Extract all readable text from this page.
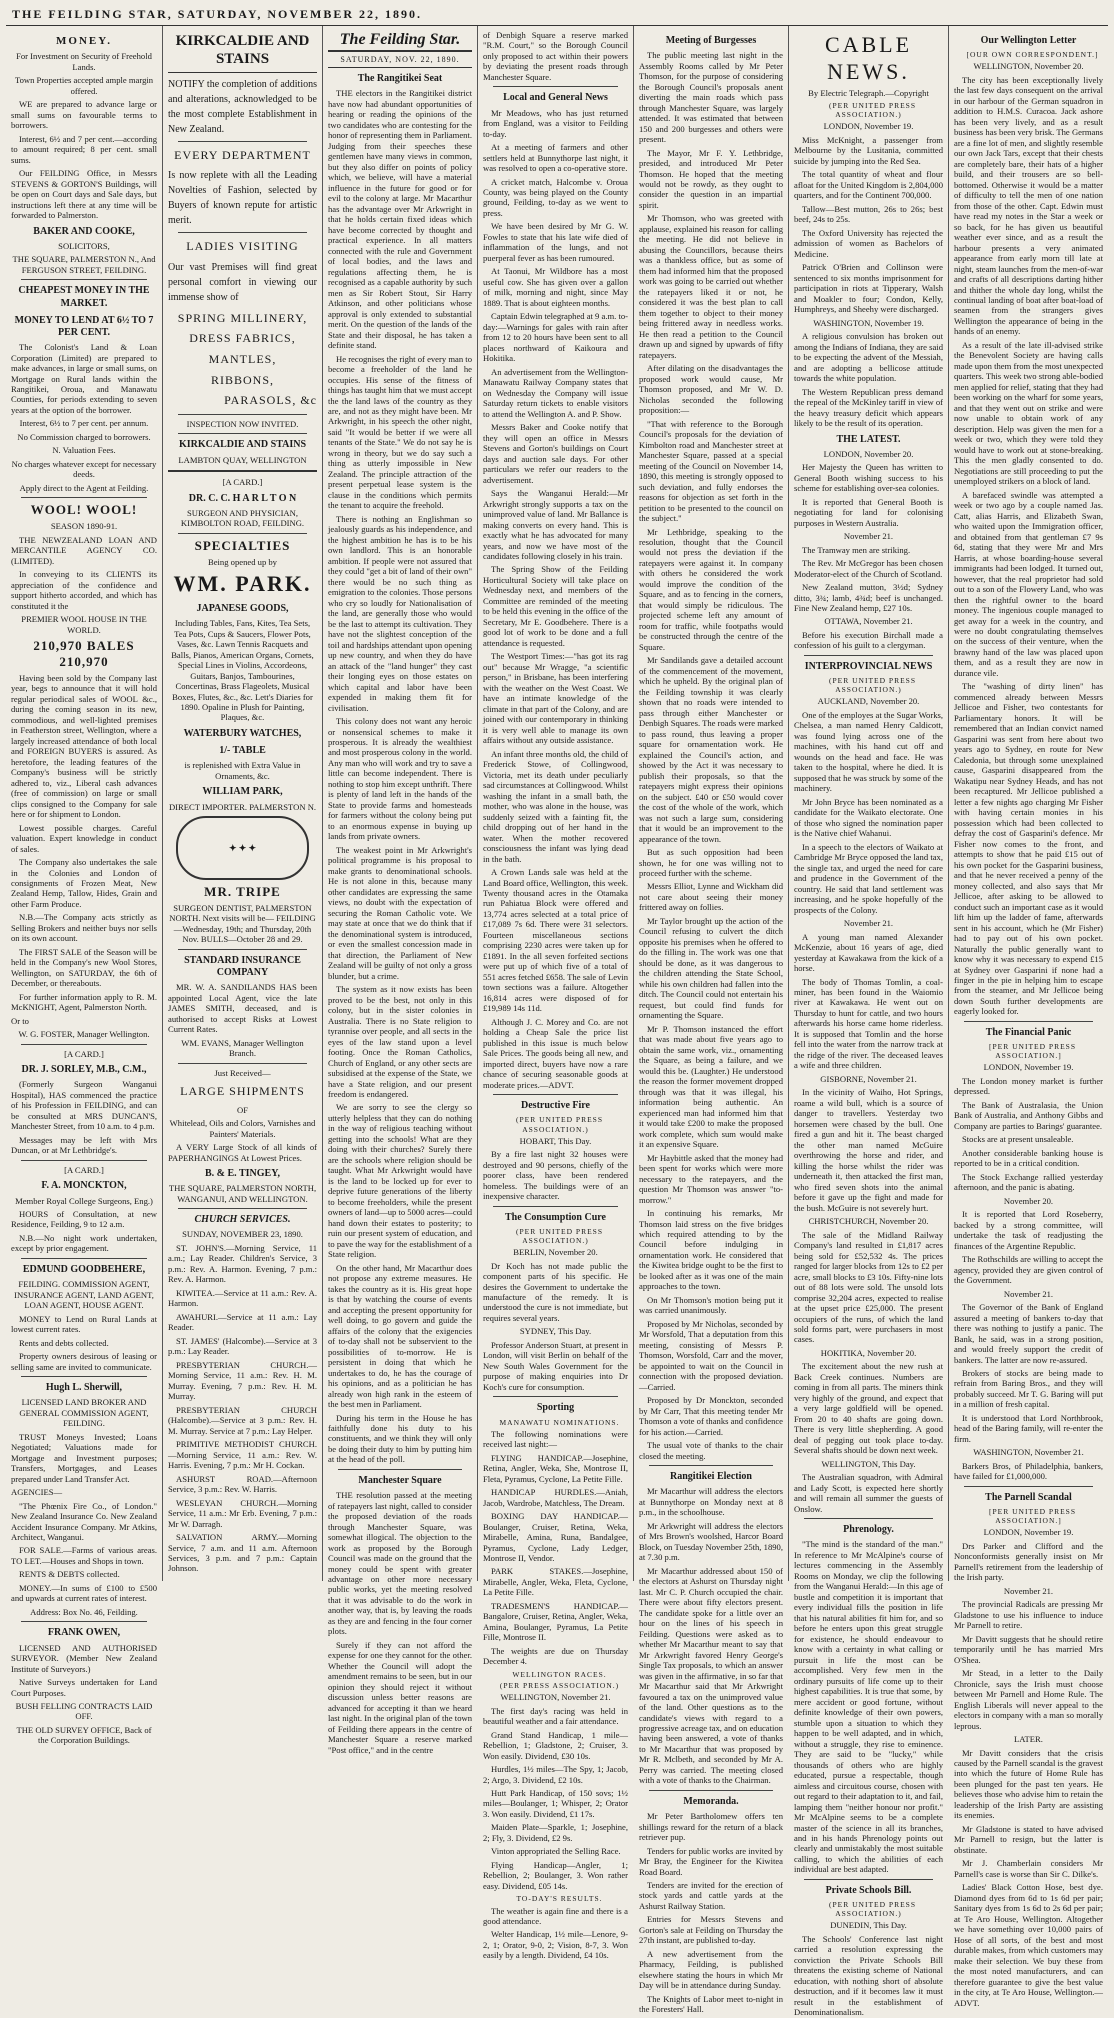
THE FEILDING STAR, SATURDAY, NOVEMBER 22, 1890.
MONEY.

For Investment on Security of Freehold Lands.

Town Properties accepted ample margin offered.

WE are prepared to advance large or small sums on favourable terms to borrowers.

Interest, 6½ and 7 per cent.—according to amount required; 8 per cent. small sums.

Our FEILDING Office, in Messrs STEVENS & GORTON'S Buildings, will be open on Court days and Sale days, but instructions left there at any time will be forwarded to Palmerston.

BAKER AND COOKE,

SOLICITORS,

THE SQUARE, PALMERSTON N., And FERGUSON STREET, FEILDING.

CHEAPEST MONEY IN THE MARKET.
MONEY TO LEND AT 6½ TO 7 PER CENT.

The Colonist's Land & Loan Corporation (Limited) are prepared to make advances, in large or small sums, on Mortgage on Rural lands within the Rangitikei, Oroua, and Manawatu Counties, for periods extending to seven years at the option of the borrower.

Interest, 6½ to 7 per cent. per annum.

No Commission charged to borrowers.

N. Valuation Fees.

No charges whatever except for necessary deeds.

Apply direct to the Agent at Feilding.

WOOL! WOOL!

SEASON 1890-91.

THE NEWZEALAND LOAN AND MERCANTILE AGENCY CO. (LIMITED).

In conveying to its CLIENTS its appreciation of the confidence and support hitherto accorded, and which has constituted it the

PREMIER WOOL HOUSE IN THE WORLD.

210,970 BALES 210,970

Having been sold by the Company last year, begs to announce that it will hold regular periodical sales of WOOL &c., during the coming season in its new, commodious, and well-lighted premises in Featherston street, Wellington, where a largely increased attendance of both local and FOREIGN BUYERS is assured. As heretofore, the leading features of the Company's business will be strictly adhered to, viz., Liberal cash advances (free of commission) on large or small clips consigned to the Company for sale here or for shipment to London.

Lowest possible charges. Careful valuation. Expert knowledge in conduct of sales.

The Company also undertakes the sale in the Colonies and London of consignments of Frozen Meat, New Zealand Hemp, Tallow, Hides, Grain and other Farm Produce.

N.B.—The Company acts strictly as Selling Brokers and neither buys nor sells on its own account.

The FIRST SALE of the Season will be held in the Company's new Wool Stores, Wellington, on SATURDAY, the 6th of December, or thereabouts.

For further information apply to R. M. McKNIGHT, Agent, Palmerston North.

Or to

W. G. FOSTER, Manager Wellington.

[A CARD.]

DR. J. SORLEY, M.B., C.M.,

(Formerly Surgeon Wanganui Hospital), HAS commenced the practice of his Profession in FEILDING, and can be consulted at MRS DUNCAN'S, Manchester Street, from 10 a.m. to 4 p.m.

Messages may be left with Mrs Duncan, or at Mr Lethbridge's.

[A CARD.]

F. A. MONCKTON,

Member Royal College Surgeons, Eng.)

HOURS of Consultation, at new Residence, Feilding, 9 to 12 a.m.

N.B.—No night work undertaken, except by prior engagement.

EDMUND GOODBEHERE,

FEILDING. COMMISSION AGENT, INSURANCE AGENT, LAND AGENT, LOAN AGENT, HOUSE AGENT.

MONEY to Lend on Rural Lands at lowest current rates.

Rents and debts collected.

Property owners desirous of leasing or selling same are invited to communicate.

Hugh L. Sherwill,

LICENSED LAND BROKER AND GENERAL COMMISSION AGENT, FEILDING.

TRUST Moneys Invested; Loans Negotiated; Valuations made for Mortgage and Investment purposes; Transfers, Mortgages, and Leases prepared under Land Transfer Act.

AGENCIES—

"The Phœnix Fire Co., of London." New Zealand Insurance Co. New Zealand Accident Insurance Company. Mr Atkins, Architect, Wanganui.

FOR SALE.—Farms of various areas. TO LET.—Houses and Shops in town.

RENTS & DEBTS collected.

MONEY.—In sums of £100 to £500 and upwards at current rates of interest.

Address: Box No. 46, Feilding.

FRANK OWEN,

LICENSED AND AUTHORISED SURVEYOR. (Member New Zealand Institute of Surveyors.)

Native Surveys undertaken for Land Court Purposes.

BUSH FELLING CONTRACTS LAID OFF.

THE OLD SURVEY OFFICE, Back of the Corporation Buildings.

KIRKCALDIE AND STAINS

NOTIFY the completion of additions and alterations, acknowledged to be the most complete Establishment in New Zealand.

EVERY DEPARTMENT

Is now replete with all the Leading Novelties of Fashion, selected by Buyers of known repute for artistic merit.

LADIES VISITING

Our vast Premises will find great personal comfort in viewing our immense show of

SPRING MILLINERY,
DRESS FABRICS,
MANTLES,
RIBBONS,
PARASOLS, &c

INSPECTION NOW INVITED.

KIRKCALDIE AND STAINS

LAMBTON QUAY, WELLINGTON

[A CARD.]

DR. C. C. H A R L T O N

SURGEON AND PHYSICIAN, KIMBOLTON ROAD, FEILDING.

SPECIALTIES

Being opened up by

WM. PARK.
JAPANESE GOODS,

Including Tables, Fans, Kites, Tea Sets, Tea Pots, Cups & Saucers, Flower Pots, Vases, &c. Lawn Tennis Racquets and Balls, Pianos, American Organs, Cornets, Special Lines in Violins, Accordeons, Guitars, Banjos, Tambourines, Concertinas, Brass Flageolets, Musical Boxes, Flutes, &c., &c. Lett's Diaries for 1890. Opaline in Plush for Painting, Plaques, &c.

WATERBURY WATCHES,
1/- TABLE

is replenished with Extra Value in Ornaments, &c.

WILLIAM PARK,

DIRECT IMPORTER. PALMERSTON N.

✦ ✦ ✦
MR. TRIPE

SURGEON DENTIST, PALMERSTON NORTH. Next visits will be— FEILDING—Wednesday, 19th; and Thursday, 20th Nov. BULLS—October 28 and 29.

STANDARD INSURANCE COMPANY

MR. W. A. SANDILANDS HAS been appointed Local Agent, vice the late JAMES SMITH, deceased, and is authorised to accept Risks at Lowest Current Rates.

WM. EVANS, Manager Wellington Branch.

Just Received—

LARGE SHIPMENTS

OF

Whitelead, Oils and Colors, Varnishes and Painters' Materials.

A VERY Large Stock of all kinds of PAPERHANGINGS At Lowest Prices.

B. & E. TINGEY,

THE SQUARE, PALMERSTON NORTH, WANGANUI, AND WELLINGTON.

CHURCH SERVICES.

SUNDAY, NOVEMBER 23, 1890.

ST. JOHN'S.—Morning Service, 11 a.m.; Lay Reader. Children's Service, 3 p.m.: Rev. A. Harmon. Evening, 7 p.m.: Rev. A. Harmon.

KIWITEA.—Service at 11 a.m.: Rev. A. Harmon.

AWAHURI.—Service at 11 a.m.: Lay Reader.

ST. JAMES' (Halcombe).—Service at 3 p.m.: Lay Reader.

PRESBYTERIAN CHURCH.—Morning Service, 11 a.m.: Rev. H. M. Murray. Evening, 7 p.m.: Rev. H. M. Murray.

PRESBYTERIAN CHURCH (Halcombe).—Service at 3 p.m.: Rev. H. M. Murray. Service at 7 p.m.: Lay Helper.

PRIMITIVE METHODIST CHURCH.—Morning Service, 11 a.m.: Rev. W. Harris. Evening, 7 p.m.: Mr H. Cockan.

ASHURST ROAD.—Afternoon Service, 3 p.m.: Rev. W. Harris.

WESLEYAN CHURCH.—Morning Service, 11 a.m.: Mr Erb. Evening, 7 p.m.: Mr W. Darragh.

SALVATION ARMY.—Morning Service, 7 a.m. and 11 a.m. Afternoon Services, 3 p.m. and 7 p.m.: Captain Johnson.

The Feilding Star.
SATURDAY, NOV. 22, 1890.
The Rangitikei Seat

THE electors in the Rangitikei district have now had abundant opportunities of hearing or reading the opinions of the two candidates who are contesting for the honor of representing them in Parliament. Judging from their speeches these gentlemen have many views in common, but they also differ on points of policy which, we believe, will have a material influence in the future for good or for evil to the colony at large. Mr Macarthur has the advantage over Mr Arkwright in that he holds certain fixed ideas which have become corrected by thought and practical experience. In all matters connected with the rule and Government of local bodies, and the laws and regulations affecting them, he is recognised as a capable authority by such men as Sir Robert Stout, Sir Harry Atkinson, and other politicians whose approval is only extended to substantial merit. On the question of the lands of the State and their disposal, he has taken a definite stand.

He recognises the right of every man to become a freeholder of the land he occupies. His sense of the fitness of things has taught him that we must accept the the land laws of the country as they are, and not as they might have been. Mr Arkwright, in his speech the other night, said "It would be better if we were all tenants of the State." We do not say he is wrong in theory, but we do say such a thing as utterly impossible in New Zealand. The principle attraction of the present perpetual lease system is the clause in the conditions which permits the tenant to acquire the freehold.

There is nothing an Englishman so jealously guards as his independence, and the highest ambition he has is to be his own landlord. This is an honorable ambition. If people were not assured that they could "get a bit of land of their own" there would be no such thing as emigration to the colonies. Those persons who cry so loudly for Nationalisation of the land, are generally those who would be the last to attempt its cultivation. They have not the slightest conception of the toil and hardships attendant upon opening up new country, and when they do have an attack of the "land hunger" they cast their longing eyes on those estates on which capital and labor have been expended in making them fit for civilisation.

This colony does not want any heroic or nonsensical schemes to make it prosperous. It is already the wealthiest and most prosperous colony in the world. Any man who will work and try to save a little can become independent. There is nothing to stop him except unthrift. There is plenty of land left in the hands of the State to provide farms and homesteads for farmers without the colony being put to an enormous expense in buying up lands from private owners.

The weakest point in Mr Arkwright's political programme is his proposal to make grants to denominational schools. He is not alone in this, because many other candidates are expressing the same views, no doubt with the expectation of securing the Roman Catholic vote. We may state at once that we do think that if the denominational system is introduced, or even the smallest concession made in that direction, the Parliament of New Zealand will be guilty of not only a gross blunder, but a crime.

The system as it now exists has been proved to be the best, not only in this colony, but in the sister colonies in Australia. There is no State religion to tyrannise over people, and all sects in the eyes of the law stand upon a level footing. Once the Roman Catholics, Church of England, or any other sects are subsidised at the expense of the State, we have a State religion, and our present freedom is endangered.

We are sorry to see the clergy so utterly helpless that they can do nothing in the way of religious teaching without getting into the schools! What are they doing with their churches? Surely there are the schools where religion should be taught. What Mr Arkwright would have is the land to be locked up for ever to deprive future generations of the liberty to become freeholders, while the present owners of land—up to 5000 acres—could hand down their estates to posterity; to ruin our present system of education, and to pave the way for the establishment of a State religion.

On the other hand, Mr Macarthur does not propose any extreme measures. He takes the country as it is. His great hope is that by watching the course of events and accepting the present opportunity for well doing, to go govern and guide the affairs of the colony that the exigencies of to-day shall not be subservient to the possibilities of to-morrow. He is persistent in doing that which he undertakes to do, he has the courage of his opinions, and as a politician he has already won high rank in the esteem of the best men in Parliament.

During his term in the House he has faithfully done his duty to his constituents, and we think they will only be doing their duty to him by putting him at the head of the poll.

Manchester Square

THE resolution passed at the meeting of ratepayers last night, called to consider the proposed deviation of the roads through Manchester Square, was somewhat illogical. The objection to the work as proposed by the Borough Council was made on the ground that the money could be spent with greater advantage on other more necessary public works, yet the meeting resolved that it was advisable to do the work in another way, that is, by leaving the roads as they are and fencing in the four corner plots.

Surely if they can not afford the expense for one they cannot for the other. Whether the Council will adopt the amendment remains to be seen, but in our opinion they should reject it without discussion unless better reasons are advanced for accepting it than we heard last night. In the original plan of the town of Feilding there appears in the centre of Manchester Square a reserve marked "Post office," and in the centre

of Denbigh Square a reserve marked "R.M. Court," so the Borough Council only proposed to act within their powers by deviating the present roads through Manchester Square.

Local and General News

Mr Meadows, who has just returned from England, was a visitor to Feilding to-day.

At a meeting of farmers and other settlers held at Bunnythorpe last night, it was resolved to open a co-operative store.

A cricket match, Halcombe v. Oroua County, was being played on the County ground, Feilding, to-day as we went to press.

We have been desired by Mr G. W. Fowles to state that his late wife died of inflammation of the lungs, and not puerperal fever as has been rumoured.

At Taonui, Mr Wildbore has a most useful cow. She has given over a gallon of milk, morning and night, since May 1889. That is about eighteen months.

Captain Edwin telegraphed at 9 a.m. to-day:—Warnings for gales with rain after from 12 to 20 hours have been sent to all places northward of Kaikoura and Hokitika.

An advertisement from the Wellington-Manawatu Railway Company states that on Wednesday the Company will issue Saturday return tickets to enable visitors to attend the Wellington A. and P. Show.

Messrs Baker and Cooke notify that they will open an office in Messrs Stevens and Gorton's buildings on Court days and auction sale days. For other particulars we refer our readers to the advertisement.

Says the Wanganui Herald:—Mr Arkwright strongly supports a tax on the unimproved value of land. Mr Ballance is making converts on every hand. This is exactly what he has advocated for many years, and now we have most of the candidates following closely in his train.

The Spring Show of the Feilding Horticultural Society will take place on Wednesday next, and members of the Committee are reminded of the meeting to be held this evening in the office of the Secretary, Mr E. Goodbehere. There is a good lot of work to be done and a full attendance is requested.

The Westport Times:—"has got its rag out" because Mr Wragge, "a scientific person," in Brisbane, has been interfering with the weather on the West Coast. We have an intimate knowledge of the climate in that part of the Colony, and are joined with our contemporary in thinking it is very well able to manage its own affairs without any outside assistance.

An infant three months old, the child of Frederick Stowe, of Collingwood, Victoria, met its death under peculiarly sad circumstances at Collingwood. Whilst washing the infant in a small bath, the mother, who was alone in the house, was suddenly seized with a fainting fit, the child dropping out of her hand in the water. When the mother recovered consciousness the infant was lying dead in the bath.

A Crown Lands sale was held at the Land Board office, Wellington, this week. Twenty thousand acres in the Otamaka run Pahiatua Block were offered and 13,774 acres selected at a total price of £17,089 7s 6d. There were 31 selectors. Fourteen miscellaneous sections comprising 2230 acres were taken up for £1891. In the all seven forfeited sections were put up of which five of a total of 551 acres fetched £658. The sale of Levin town sections was a failure. Altogether 16,814 acres were disposed of for £19,989 14s 11d.

Although J. C. Morey and Co. are not holding a Cheap Sale the price list published in this issue is much below Sale Prices. The goods being all new, and imported direct, buyers have now a rare chance of securing seasonable goods at moderate prices.—ADVT.

Destructive Fire

(PER UNITED PRESS ASSOCIATION.)

HOBART, This Day.

By a fire last night 32 houses were destroyed and 90 persons, chiefly of the poorer class, have been rendered homeless. The buildings were of an inexpensive character.

The Consumption Cure

(PER UNITED PRESS ASSOCIATION.)

BERLIN, November 20.

Dr Koch has not made public the component parts of his specific. He desires the Government to undertake the manufacture of the remedy. It is understood the cure is not immediate, but requires several years.

SYDNEY, This Day.

Professor Anderson Stuart, at present in London, will visit Berlin on behalf of the New South Wales Government for the purpose of making enquiries into Dr Koch's cure for consumption.

Sporting

MANAWATU NOMINATIONS.

The following nominations were received last night:—

FLYING HANDICAP.—Josephine, Retina, Angler, Weka, She, Montrose II, Fleta, Pyramus, Cyclone, La Petite Fille.

HANDICAP HURDLES.—Aniah, Jacob, Wardrobe, Matchless, The Dream.

BOXING DAY HANDICAP.—Boulanger, Cruiser, Retina, Weka, Mirabelle, Amina, Runa, Bandalgee, Pyramus, Cyclone, Lady Ledger, Montrose II, Vendor.

PARK STAKES.—Josephine, Mirabelle, Angler, Weka, Fleta, Cyclone, La Petite Fille.

TRADESMEN'S HANDICAP.—Bangalore, Cruiser, Retina, Angler, Weka, Amina, Boulanger, Pyramus, La Petite Fille, Montrose II.

The weights are due on Thursday December 4.

WELLINGTON RACES.

(PER PRESS ASSOCIATION.)

WELLINGTON, November 21.

The first day's racing was held in beautiful weather and a fair attendance.

Grand Stand Handicap, 1 mile—Rebellion, 1; Gladstone, 2; Cruiser, 3. Won easily. Dividend, £30 10s.

Hurdles, 1½ miles—The Spy, 1; Jacob, 2; Argo, 3. Dividend, £2 10s.

Hutt Park Handicap, of 150 sovs; 1½ miles—Boulanger, 1; Whisper, 2; Orator 3. Won easily. Dividend, £1 17s.

Maiden Plate—Sparkle, 1; Josephine, 2; Fly, 3. Dividend, £2 9s.

Vinton appropriated the Selling Race.

Flying Handicap—Angler, 1; Rebellion, 2; Boulanger, 3. Won rather easy. Dividend, £05 14s.

TO-DAY'S RESULTS.

The weather is again fine and there is a good attendance.

Welter Handicap, 1½ mile—Lenore, 9-2, 1; Orator, 9-0, 2; Vision, 8-7, 3. Won easily by a length. Dividend, £4 10s.

Meeting of Burgesses

The public meeting last night in the Assembly Rooms called by Mr Peter Thomson, for the purpose of considering the Borough Council's proposals anent diverting the main roads which pass through Manchester Square, was largely attended. It was estimated that between 150 and 200 burgesses and others were present.

The Mayor, Mr F. Y. Lethbridge, presided, and introduced Mr Peter Thomson. He hoped that the meeting would not be rowdy, as they ought to consider the question in an impartial spirit.

Mr Thomson, who was greeted with applause, explained his reason for calling the meeting. He did not believe in abusing the Councillors, because theirs was a thankless office, but as some of them had informed him that the proposed work was going to be carried out whether the ratepayers liked it or not, he considered it was the best plan to call them together to object to their money being frittered away in needless works. He then read a petition to the Council drawn up and signed by upwards of fifty ratepayers.

After dilating on the disadvantages the proposed work would cause, Mr Thomson proposed, and Mr W. D. Nicholas seconded the following proposition:—

"That with reference to the Borough Council's proposals for the deviation of Kimbolton road and Manchester street at Manchester Square, passed at a special meeting of the Council on November 14, 1890, this meeting is strongly opposed to such deviation, and fully endorses the reasons for objection as set forth in the petition to be presented to the council on the subject."

Mr Lethbridge, speaking to the resolution, thought that the Council would not press the deviation if the ratepayers were against it. In company with others he considered the work would improve the condition of the Square, and as to fencing in the corners, that would simply be ridiculous. The projected scheme left any amount of room for traffic, while footpaths would be constructed through the centre of the Square.

Mr Sandilands gave a detailed account of the commencement of the movement, which he upheld. By the original plan of the Feilding township it was clearly shown that no roads were intended to pass through either Manchester or Denbigh Squares. The roads were marked to pass round, thus leaving a proper square for ornamentation work. He explained the Council's action, and showed by the Act it was necessary to publish their proposals, so that the ratepayers might express their opinions on the subject. £40 or £50 would cover the cost of the whole of the work, which was not such a large sum, considering that it would be an improvement to the appearance of the town.

But as such opposition had been shown, he for one was willing not to proceed further with the scheme.

Messrs Elliot, Lynne and Wickham did not care about seeing their money frittered away on follies.

Mr Taylor brought up the action of the Council refusing to culvert the ditch opposite his premises when he offered to do the filling in. The work was one that should be done, as it was dangerous to the children attending the State School, while his own children had fallen into the ditch. The Council could not entertain his request, but could find funds for ornamenting the Square.

Mr P. Thomson instanced the effort that was made about five years ago to obtain the same work, viz., ornamenting the Square, as being a failure, and we would this be. (Laughter.) He understood the reason the former movement dropped through was that it was illegal, his information being authentic. An experienced man had informed him that it would take £200 to make the proposed work complete, which sum would make it an expensive Square.

Mr Haybittle asked that the money had been spent for works which were more necessary to the ratepayers, and the question Mr Thomson was answer "to-morrow."

In continuing his remarks, Mr Thomson laid stress on the five bridges which required attending to by the Council before indulging in ornamentation work. He considered that the Kiwitea bridge ought to be the first to be looked after as it was one of the main approaches to the town.

On Mr Thomson's motion being put it was carried unanimously.

Proposed by Mr Nicholas, seconded by Mr Worsfold, That a deputation from this meeting, consisting of Messrs P. Thomson, Worsfold, Carr and the mover, be appointed to wait on the Council in connection with the proposed deviation.—Carried.

Proposed by Dr Monckton, seconded by Mr Carr, That this meeting tender Mr Thomson a vote of thanks and confidence for his action.—Carried.

The usual vote of thanks to the chair closed the meeting.

Rangitikei Election

Mr Macarthur will address the electors at Bunnythorpe on Monday next at 8 p.m., in the schoolhouse.

Mr Arkwright will address the electors of Mrs Brown's woolshed, Harcor Board Block, on Tuesday November 25th, 1890, at 7.30 p.m.

Mr Macarthur addressed about 150 of the electors at Ashurst on Thursday night last. Mr C. P. Church occupied the chair. There were about fifty electors present. The candidate spoke for a little over an hour on the lines of his speech in Feilding. Questions were asked as to whether Mr Macarthur meant to say that Mr Arkwright favored Henry George's Single Tax proposals, to which an answer was given in the affirmative, in so far that Mr Macarthur said that Mr Arkwright favoured a tax on the unimproved value of the land. Other questions as to the candidate's views with regard to a progressive acreage tax, and on education having been answered, a vote of thanks to Mr Macarthur that was proposed by Mr R. Mclbeth, and seconded by Mr A. Perry was carried. The meeting closed with a vote of thanks to the Chairman.

Memoranda.

Mr Peter Bartholomew offers ten shillings reward for the return of a black retriever pup.

Tenders for public works are invited by Mr Bray, the Engineer for the Kiwitea Road Board.

Tenders are invited for the erection of stock yards and cattle yards at the Ashurst Railway Station.

Entries for Messrs Stevens and Gorton's sale at Feilding on Thursday the 27th instant, are published to-day.

A new advertisement from the Pharmacy, Feilding, is published elsewhere stating the hours in which Mr Day will be in attendance during Sunday.

The Knights of Labor meet to-night in the Foresters' Hall.

CABLE NEWS.

By Electric Telegraph.—Copyright

(PER UNITED PRESS ASSOCIATION.)

LONDON, November 19.

Miss McKnight, a passenger from Melbourne by the Lusitania, committed suicide by jumping into the Red Sea.

The total quantity of wheat and flour afloat for the United Kingdom is 2,804,000 quarters, and for the Continent 700,000.

Tallow—Best mutton, 26s to 26s; best beef, 24s to 25s.

The Oxford University has rejected the admission of women as Bachelors of Medicine.

Patrick O'Brien and Collinson were sentenced to six months imprisonment for participation in riots at Tipperary, Walsh and Moakler to four; Condon, Kelly, Humphreys, and Sheehy were discharged.

WASHINGTON, November 19.

A religious convulsion has broken out among the Indians of Indiana, they are said to be expecting the advent of the Messiah, and are adopting a bellicose attitude towards the white population.

The Western Republican press demand the repeal of the McKinley tariff in view of the heavy treasury deficit which appears likely to be the result of its operation.

THE LATEST.

LONDON, November 20.

Her Majesty the Queen has written to General Booth wishing success to his scheme for establishing over-sea colonies.

It is reported that General Booth is negotiating for land for colonising purposes in Western Australia.

November 21.

The Tramway men are striking.

The Rev. Mr McGregor has been chosen Moderator-elect of the Church of Scotland.

New Zealand mutton, 3½d; Sydney ditto, 3¾; lamb, 4¾d; beef is unchanged. Fine New Zealand hemp, £27 10s.

OTTAWA, November 21.

Before his execution Birchall made a confession of his guilt to a clergyman.

INTERPROVINCIAL NEWS

(PER UNITED PRESS ASSOCIATION.)

AUCKLAND, November 20.

One of the employes at the Sugar Works, Chelsea, a man named Henry Caldicott, was found lying across one of the machines, with his hand cut off and wounds on the head and face. He was taken to the hospital, where he died. It is supposed that he was struck by some of the machinery.

Mr John Bryce has been nominated as a candidate for the Waikato electorate. One of those who signed the nomination paper is the Native chief Wahanui.

In a speech to the electors of Waikato at Cambridge Mr Bryce opposed the land tax, the single tax, and urged the need for care and prudence in the Government of the country. He said that land settlement was increasing, and he spoke hopefully of the prospects of the Colony.

November 21.

A young man named Alexander McKenzie, about 16 years of age, died yesterday at Kawakawa from the kick of a horse.

The body of Thomas Tomlin, a coal-miner, has been found in the Waiomio river at Kawakawa. He went out on Thursday to hunt for cattle, and two hours afterwards his horse came home riderless. It is supposed that Tomlin and the horse fell into the water from the narrow track at the ridge of the river. The deceased leaves a wife and three children.

GISBORNE, November 21.

In the vicinity of Waiho, Hot Springs, roame a wild bull, which is a source of danger to travellers. Yesterday two horsemen were chased by the bull. One fired a gun and hit it. The beast charged the other man named McGuire overthrowing the horse and rider, and killing the horse whilst the rider was underneath it, then attacked the first man, who fired seven shots into the animal before it gave up the fight and made for the bush. McGuire is not severely hurt.

CHRISTCHURCH, November 20.

The sale of the Midland Railway Company's land resulted in £1,817 acres being sold for £52,532 4s. The prices ranged for larger blocks from 12s to £2 per acre, small blocks to £3 10s. Fifty-nine lots out of 88 lots were sold. The unsold lots comprise 32,204 acres, expected to realise at the upset price £25,000. The present occupiers of the runs, of which the land sold forms part, were purchasers in most cases.

HOKITIKA, November 20.

The excitement about the new rush at Back Creek continues. Numbers are coming in from all parts. The miners think very highly of the ground, and expect that a very large goldfield will be opened. From 20 to 40 shafts are going down. There is very little shepherding. A good deal of pegging out took place to-day. Several shafts should be down next week.

WELLINGTON, This Day.

The Australian squadron, with Admiral and Lady Scott, is expected here shortly and will remain all summer the guests of Onslow.

Phrenology.

"The mind is the standard of the man." In reference to Mr McAlpine's course of lectures commencing in the Assembly Rooms on Monday, we clip the following from the Wanganui Herald:—In this age of bustle and competition it is important that every individual fills the position in life that his natural abilities fit him for, and so before he enters upon this great struggle for existence, he should endeavour to know with a certainty in what calling or pursuit in life the most can be accomplished. Very few men in the ordinary pursuits of life come up to their highest capabilities. It is true that some, by mere accident or good fortune, without definite knowledge of their own powers, stumble upon a situation to which they happen to be well adapted, and in which, without a struggle, they rise to eminence. They are said to be "lucky," while thousands of others who are highly educated, pursue a respectable, though aimless and circuitous course, chosen with out regard to their adaptation to it, and fail, lamping them "neither honour nor profit." Mr McAlpine seems to be a complete master of the science in all its branches, and in his hands Phrenology points out clearly and unmistakably the most suitable calling, to which the abilities of each individual are best adapted.

Private Schools Bill.

(PER UNITED PRESS ASSOCIATION.)

DUNEDIN, This Day.

The Schools' Conference last night carried a resolution expressing the conviction the Private Schools Bill threatens the existing scheme of National education, with nothing short of absolute destruction, and if it becomes law it must result in the establishment of Denominationalism.

Our Wellington Letter

[OUR OWN CORRESPONDENT.]

WELLINGTON, November 20.

The city has been exceptionally lively the last few days consequent on the arrival in our harbour of the German squadron in addition to H.M.S. Curacoa. Jack ashore has been very lively, and as a result business has been very brisk. The Germans are a fine lot of men, and slightly resemble our own Jack Tars, except that their chests are completely bare, their hats of a higher build, and their trousers are so bell-bottomed. Otherwise it would be a matter of difficulty to tell the men of one nation from those of the other. Capt. Edwin must have read my notes in the Star a week or so back, for he has given us beautiful weather ever since, and as a result the harbour presents a very animated appearance from early morn till late at night, steam launches from the men-of-war and crafts of all descriptions darting hither and thither the whole day long, whilst the continual landing of boat after boat-load of seamen from the strangers gives Wellington the appearance of being in the hands of an enemy.

As a result of the late ill-advised strike the Benevolent Society are having calls made upon them from the most unexpected quarters. This week two strong able-bodied men applied for relief, stating that they had been working on the wharf for some years, and that they went out on strike and were now unable to obtain work of any description. Help was given the men for a week or two, which they were told they would have to work out at stone-breaking. This the men gladly consented to do. Negotiations are still proceeding to put the unemployed strikers on a block of land.

A barefaced swindle was attempted a week or two ago by a couple named Jas. Catt, alias Harris, and Elizabeth Swan, who waited upon the Immigration officer, and obtained from that gentleman £7 9s 6d, stating that they were Mr and Mrs Harris, at whose boarding-house several immigrants had been lodged. It turned out, however, that the real proprietor had sold out to a son of the Flowery Land, who was then the rightful owner to the board money. The ingenious couple managed to get away for a week in the country, and were no doubt congratulating themselves on the success of their venture, when the brawny hand of the law was placed upon them, and as a result they are now in durance vile.

The "washing of dirty linen" has commenced already between Messrs Jellicoe and Fisher, two contestants for Parliamentary honors. It will be remembered that an Indian convict named Gasparini was sent from here about two years ago to Sydney, en route for New Caledonia, but through some unexplained cause, Gasparini disappeared from the Wakatipu near Sydney Heads, and has not been recaptured. Mr Jellicoe published a letter a few nights ago charging Mr Fisher with having certain monies in his possession which had been collected to defray the cost of Gasparini's defence. Mr Fisher now comes to the front, and attempts to show that he paid £15 out of his own pocket for the Gasparini business, and that he never received a penny of the money collected, and also says that Mr Jellicoe, after asking to be allowed to conduct such an important case as it would lift him up the ladder of fame, afterwards sent in his account, which he (Mr Fisher) had to pay out of his own pocket. Naturally the public generally want to know why it was necessary to expend £15 at Sydney over Gasparini if none had a finger in the pie in helping him to escape from the steamer, and Mr Jellicoe being down South further developments are eagerly looked for.

The Financial Panic

[PER UNITED PRESS ASSOCIATION.]

LONDON, November 19.

The London money market is further depressed.

The Bank of Australasia, the Union Bank of Australia, and Anthony Gibbs and Company are parties to Barings' guarantee.

Stocks are at present unsaleable.

Another considerable banking house is reported to be in a critical condition.

The Stock Exchange rallied yesterday afternoon, and the panic is abating.

November 20.

It is reported that Lord Roseberry, backed by a strong committee, will undertake the task of readjusting the finances of the Argentine Republic.

The Rothschilds are willing to accept the agency, provided they are given control of the Government.

November 21.

The Governor of the Bank of England assured a meeting of bankers to-day that there was nothing to justify a panic. The Bank, he said, was in a strong position, and would freely support the credit of bankers. The latter are now re-assured.

Brokers of stocks are being made to refrain from Baring Bros., and they will probably succeed. Mr T. G. Baring will put in a million of fresh capital.

It is understood that Lord Northbrook, head of the Baring family, will re-enter the firm.

WASHINGTON, November 21.

Barkers Bros, of Philadelphia, bankers, have failed for £1,000,000.

The Parnell Scandal

[PER UNITED PRESS ASSOCIATION.]

LONDON, November 19.

Drs Parker and Clifford and the Nonconformists generally insist on Mr Parnell's retirement from the leadership of the Irish party.

November 21.

The provincial Radicals are pressing Mr Gladstone to use his influence to induce Mr Parnell to retire.

Mr Davitt suggests that he should retire temporarily until he has married Mrs O'Shea.

Mr Stead, in a letter to the Daily Chronicle, says the Irish must choose between Mr Parnell and Home Rule. The English Liberals will never appeal to the electors in company with a man so morally leprous.

LATER.

Mr Davitt considers that the crisis caused by the Parnell scandal is the gravest into which the future of Home Rule has been plunged for the past ten years. He believes those who advise him to retain the leadership of the Irish Party are assisting its enemies.

Mr Gladstone is stated to have advised Mr Parnell to resign, but the latter is obstinate.

Mr J. Chamberlain considers Mr Parnell's case is worse than Sir C. Dilke's.

Ladies' Black Cotton Hose, best dye. Diamond dyes from 6d to 1s 6d per pair; Sanitary dyes from 1s 6d to 2s 6d per pair; at Te Aro House, Wellington. Altogether we have something over 10,000 pairs of Hose of all sorts, of the best and most durable makes, from which customers may make their selection. We buy these from the most noted manufacturers, and can therefore guarantee to give the best value in the city, at Te Aro House, Wellington.—ADVT.
